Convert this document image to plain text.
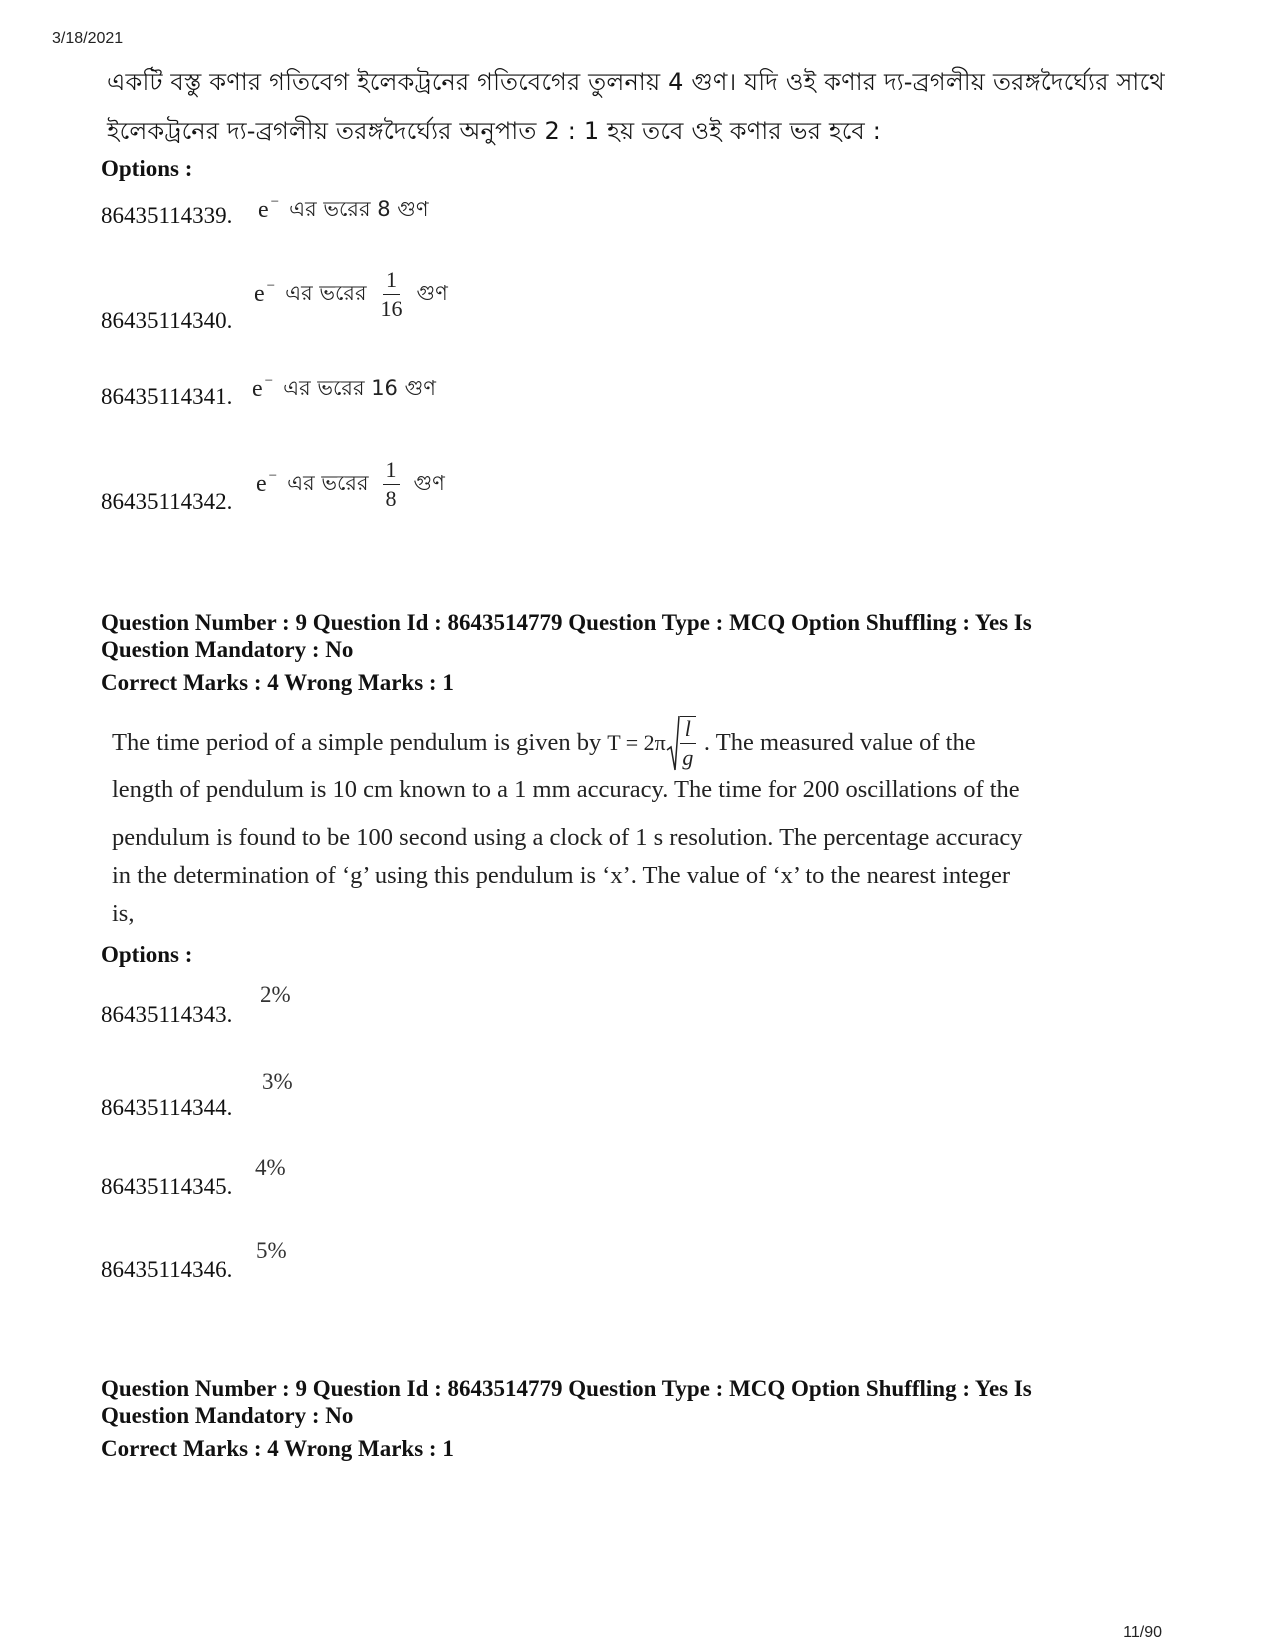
3/18/2021
একটি বস্তু কণার গতিবেগ ইলেকট্রনের গতিবেগের তুলনায় 4 গুণ। যদি ওই কণার দ্য-ব্রগলীয় তরঙ্গদৈর্ঘ্যের সাথে
ইলেকট্রনের দ্য-ব্রগলীয় তরঙ্গদৈর্ঘ্যের অনুপাত 2 : 1 হয় তবে ওই কণার ভর হবে :
Options :
86435114339. e − এর ভরের 8 গুণ
86435114340.
e − এর ভরের $\frac{1}{16}$ গুণ
86435114341. e − এর ভরের 16 গুণ
86435114342.
e − এর ভরের $\frac{1}{8}$ গুণ
Question Number : 9 Question Id : 8643514779 Question Type : MCQ Option Shuffling : Yes Is
Question Mandatory : No
Correct Marks : 4 Wrong Marks : 1
The time period of a simple pendulum is given by $T = 2\pi \frac{l}{g}$ . The measured value of the
length of pendulum is 10 cm known to a 1 mm accuracy. The time for 200 oscillations of the
pendulum is found to be 100 second using a clock of 1 s resolution. The percentage accuracy
in the determination of ‘g’ using this pendulum is ‘x’. The value of ‘x’ to the nearest integer
is,
Options :
86435114343.
2%
86435114344.
3%
86435114345.
4%
86435114346.
5%
Question Number : 9 Question Id : 8643514779 Question Type : MCQ Option Shuffling : Yes Is
Question Mandatory : No
Correct Marks : 4 Wrong Marks : 1
11/90
